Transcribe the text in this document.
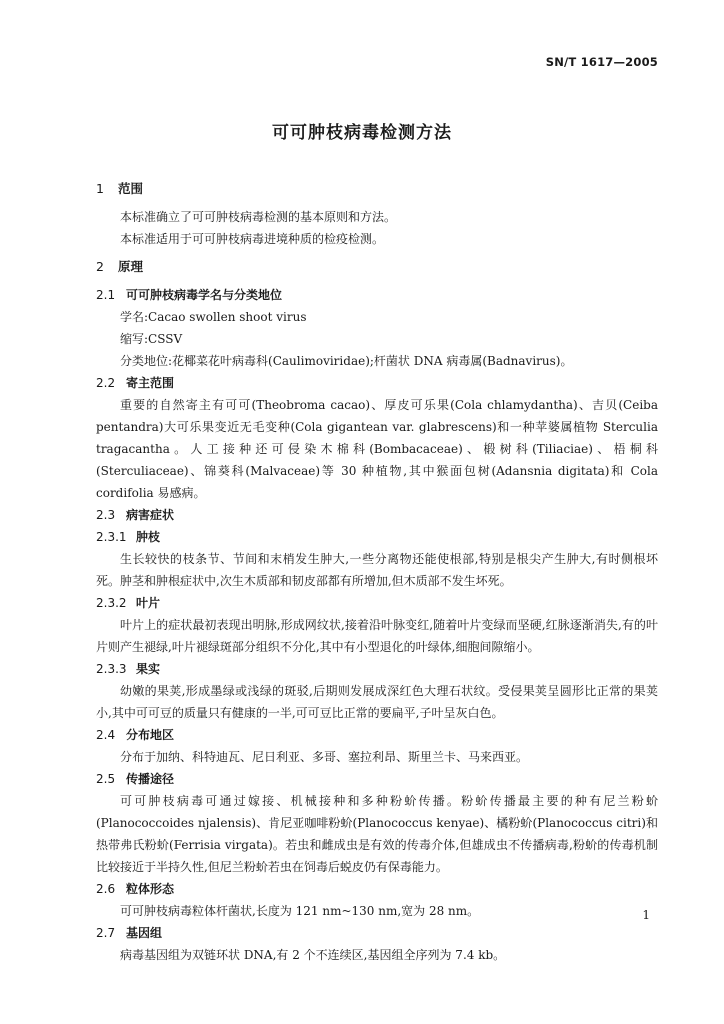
SN/T 1617—2005
可可肿枝病毒检测方法
1 范围

本标准确立了可可肿枝病毒检测的基本原则和方法。

本标准适用于可可肿枝病毒进境种质的检疫检测。

2 原理
2.1 可可肿枝病毒学名与分类地位

学名:Cacao swollen shoot virus

缩写:CSSV

分类地位:花椰菜花叶病毒科(Caulimoviridae);杆菌状 DNA 病毒属(Badnavirus)。

2.2 寄主范围

重要的自然寄主有可可(Theobroma cacao)、厚皮可乐果(Cola chlamydantha)、吉贝(Ceiba pentandra)大可乐果变近无毛变种(Cola gigantean var. glabrescens)和一种苹婆属植物 Sterculia tragacantha。人工接种还可侵染木棉科(Bombacaceae)、椴树科(Tiliaciae)、梧桐科(Sterculiaceae)、锦葵科(Malvaceae)等 30 种植物,其中猴面包树(Adansnia digitata)和 Cola cordifolia 易感病。

2.3 病害症状
2.3.1 肿枝

生长较快的枝条节、节间和末梢发生肿大,一些分离物还能使根部,特别是根尖产生肿大,有时侧根坏死。肿茎和肿根症状中,次生木质部和韧皮部都有所增加,但木质部不发生坏死。

2.3.2 叶片

叶片上的症状最初表现出明脉,形成网纹状,接着沿叶脉变红,随着叶片变绿而坚硬,红脉逐渐消失,有的叶片则产生褪绿,叶片褪绿斑部分组织不分化,其中有小型退化的叶绿体,细胞间隙缩小。

2.3.3 果实

幼嫩的果荚,形成墨绿或浅绿的斑驳,后期则发展成深红色大理石状纹。受侵果荚呈圆形比正常的果荚小,其中可可豆的质量只有健康的一半,可可豆比正常的要扁平,子叶呈灰白色。

2.4 分布地区

分布于加纳、科特迪瓦、尼日利亚、多哥、塞拉利昂、斯里兰卡、马来西亚。

2.5 传播途径

可可肿枝病毒可通过嫁接、机械接种和多种粉蚧传播。粉蚧传播最主要的种有尼兰粉蚧(Planococcoides njalensis)、肯尼亚咖啡粉蚧(Planococcus kenyae)、橘粉蚧(Planococcus citri)和热带弗氏粉蚧(Ferrisia virgata)。若虫和雌成虫是有效的传毒介体,但雄成虫不传播病毒,粉蚧的传毒机制比较接近于半持久性,但尼兰粉蚧若虫在饲毒后蜕皮仍有保毒能力。

2.6 粒体形态

可可肿枝病毒粒体杆菌状,长度为 121 nm~130 nm,宽为 28 nm。

2.7 基因组

病毒基因组为双链环状 DNA,有 2 个不连续区,基因组全序列为 7.4 kb。

1
